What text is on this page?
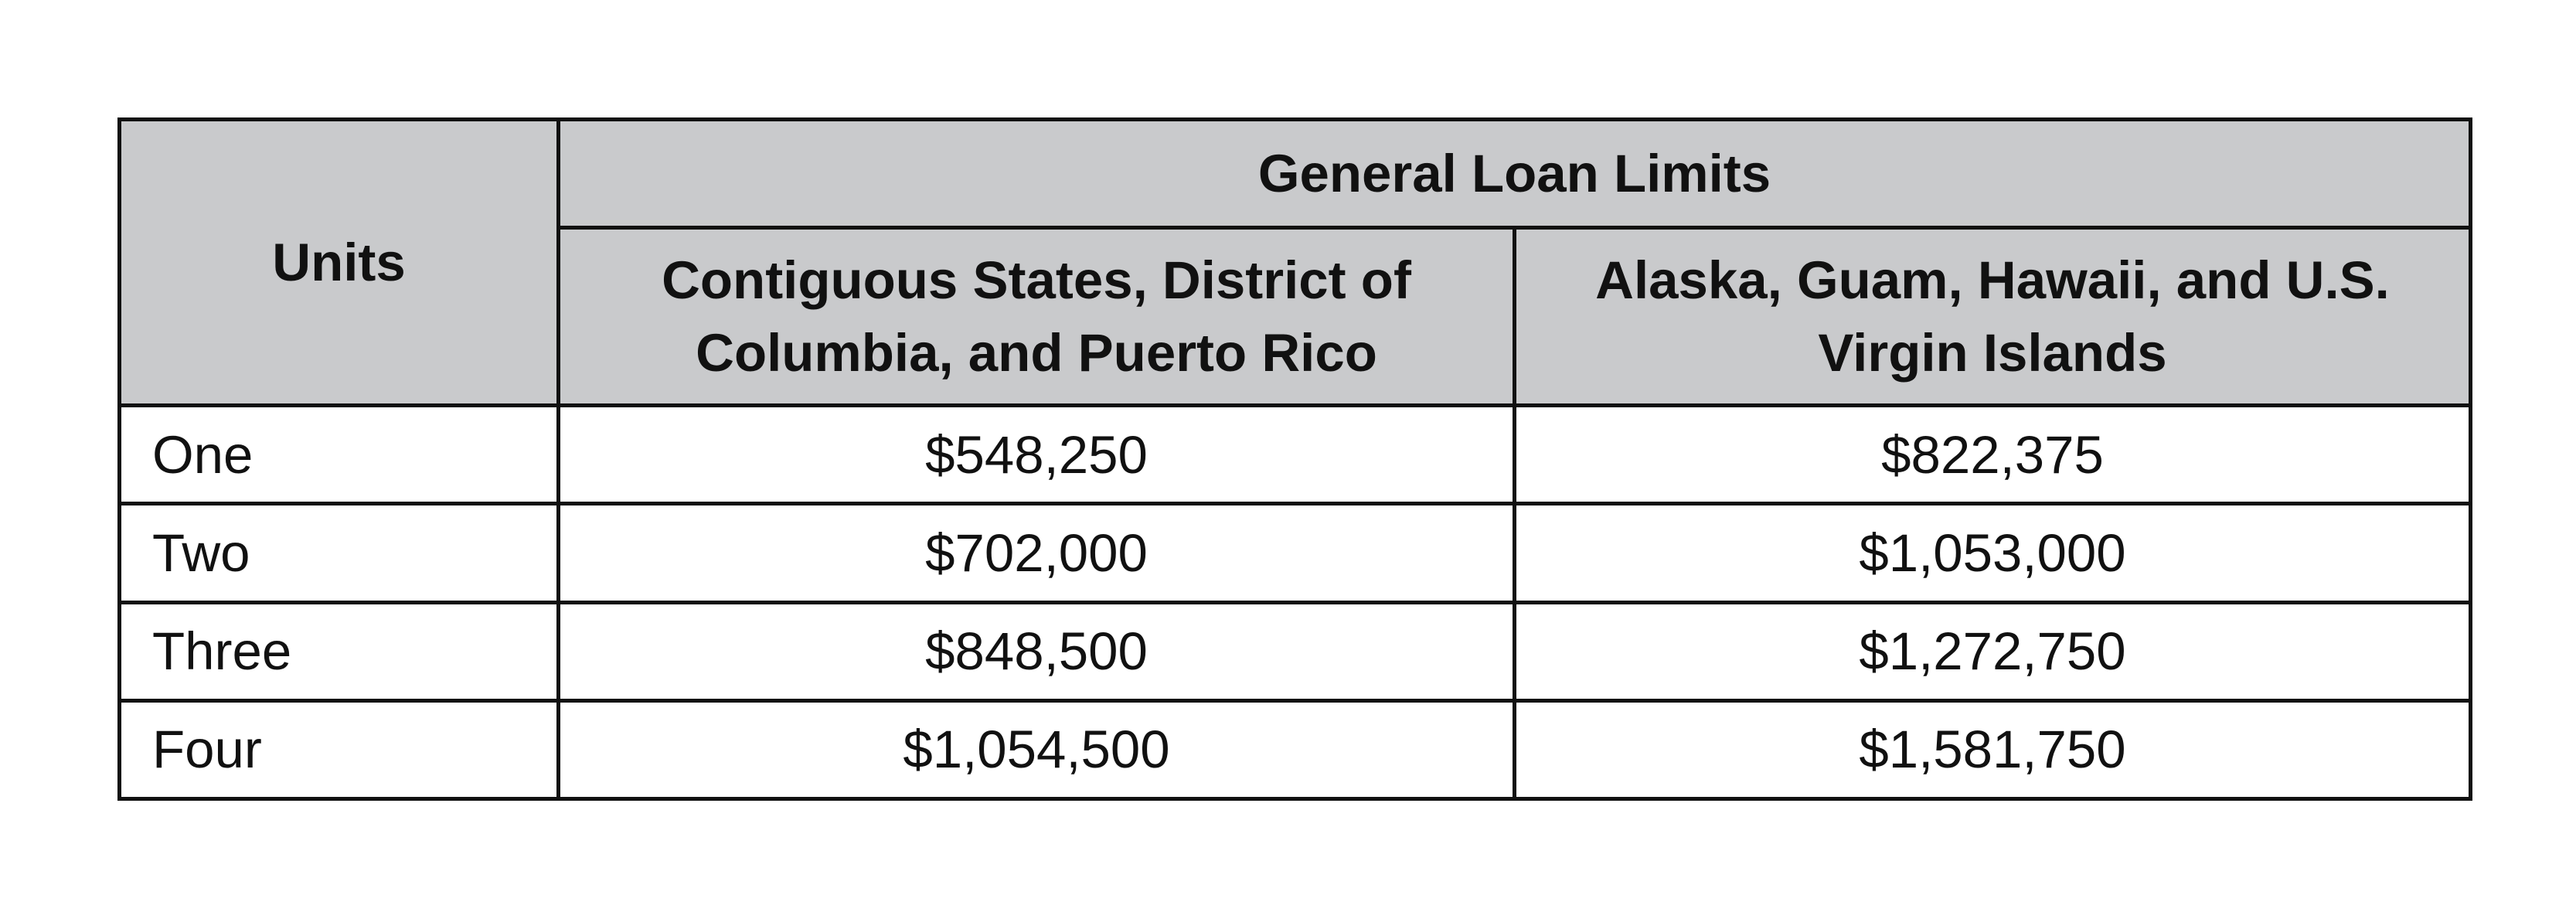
Units	General Loan Limits	
	Contiguous States, District of Columbia, and Puerto Rico	Alaska, Guam, Hawaii, and U.S. Virgin Islands
One	$548,250	$822,375
Two	$702,000	$1,053,000
Three	$848,500	$1,272,750
Four	$1,054,500	$1,581,750
